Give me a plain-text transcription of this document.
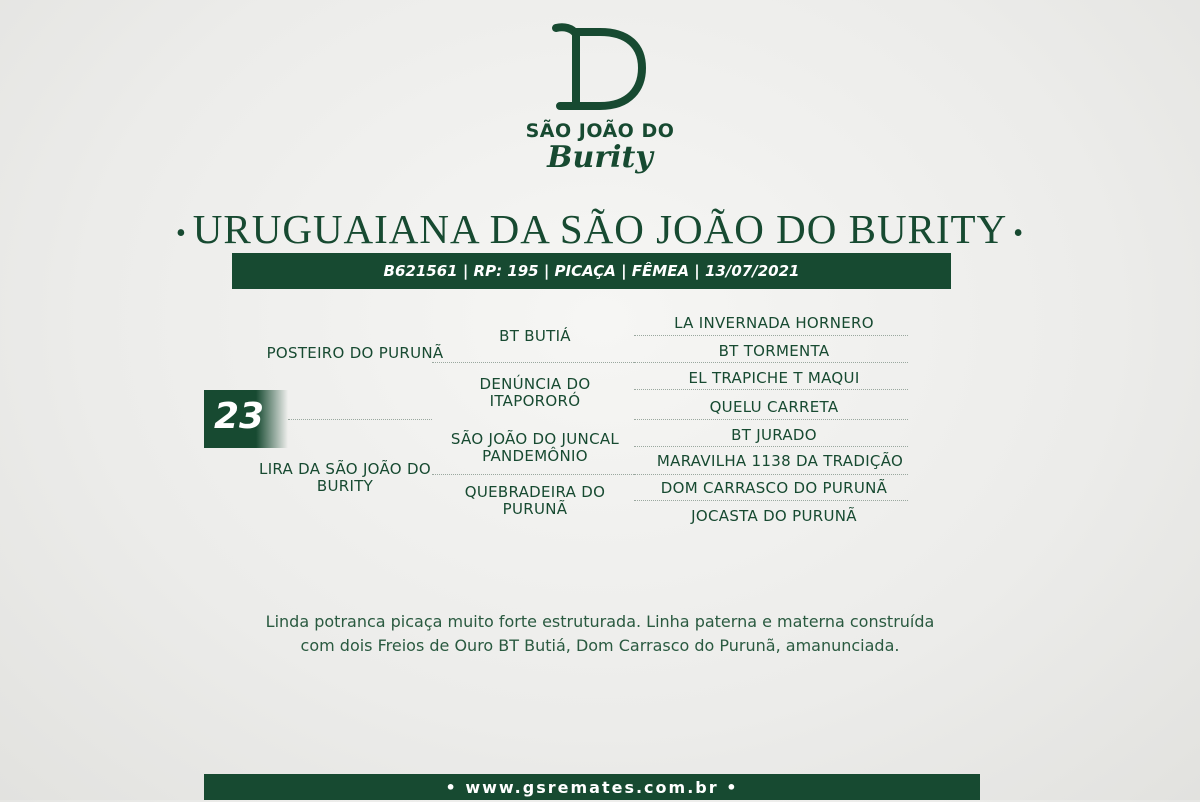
SÃO JOÃO DO
Burity
• URUGUAIANA DA SÃO JOÃO DO BURITY •
B621561 | RP: 195 | PICAÇA | FÊMEA | 13/07/2021
23
POSTEIRO DO PURUNÃ
LIRA DA SÃO JOÃO DO BURITY
BT BUTIÁ
DENÚNCIA DO ITAPORORÓ
SÃO JOÃO DO JUNCAL PANDEMÔNIO
QUEBRADEIRA DO PURUNÃ
LA INVERNADA HORNERO
BT TORMENTA
EL TRAPICHE T MAQUI
QUELU CARRETA
BT JURADO
MARAVILHA 1138 DA TRADIÇÃO
DOM CARRASCO DO PURUNÃ
JOCASTA DO PURUNÃ
Linda potranca picaça muito forte estruturada. Linha paterna e materna construída
com dois Freios de Ouro BT Butiá, Dom Carrasco do Purunã, amanunciada.
• www.gsremates.com.br •
